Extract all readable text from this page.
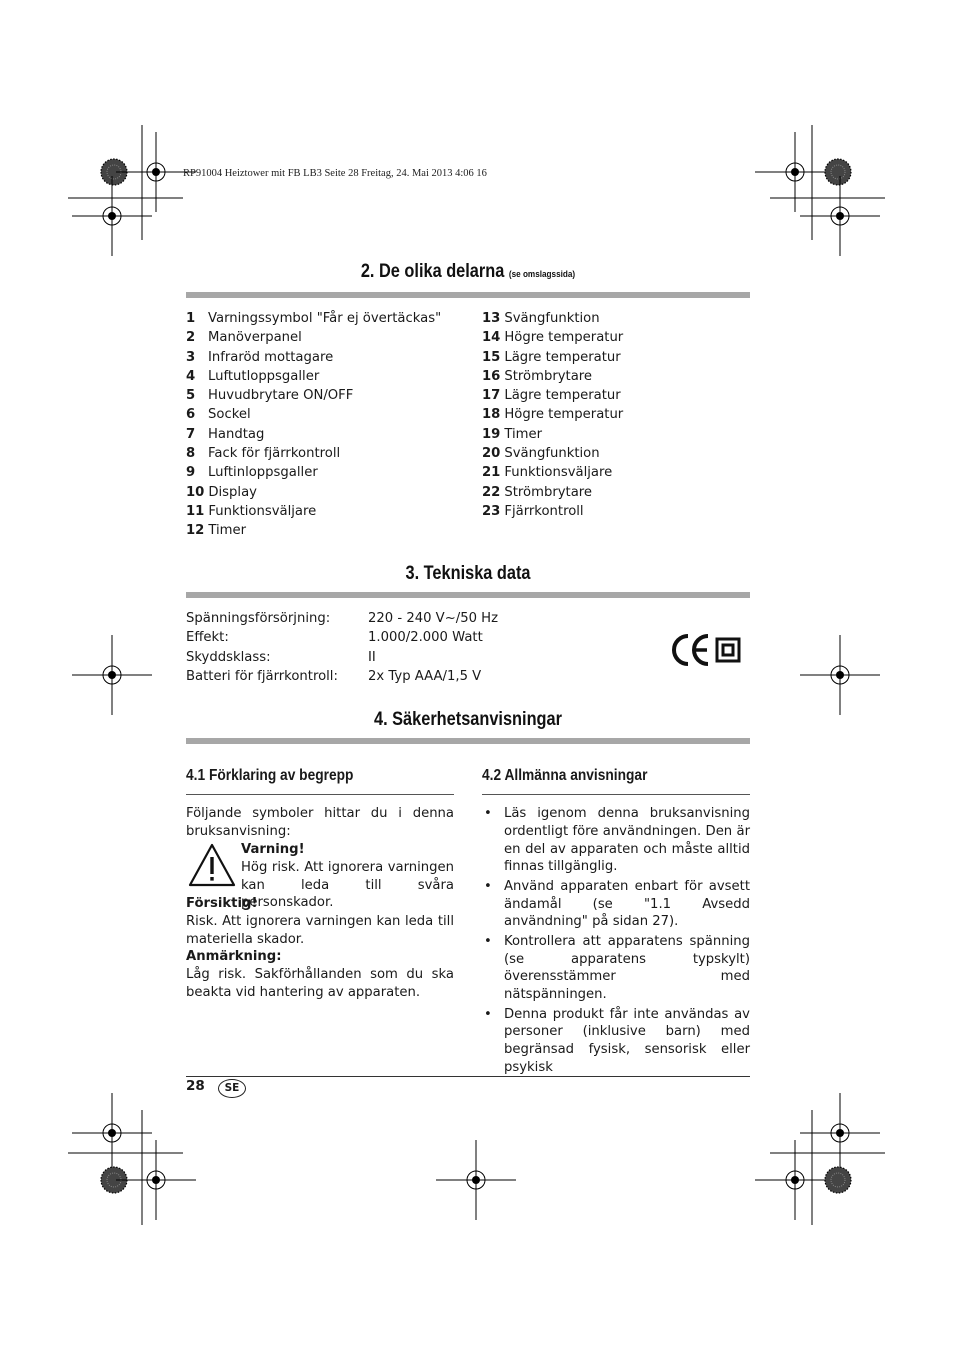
RP91004 Heiztower mit FB LB3 Seite 28 Freitag, 24. Mai 2013 4:06 16
2. De olika delarna (se omslagssida)
1 Varningssymbol "Får ej övertäckas"
2 Manöverpanel
3 Infraröd mottagare
4 Luftutloppsgaller
5 Huvudbrytare ON/OFF
6 Sockel
7 Handtag
8 Fack för fjärrkontroll
9 Luftinloppsgaller
10 Display
11 Funktionsväljare
12 Timer
13 Svängfunktion
14 Högre temperatur
15 Lägre temperatur
16 Strömbrytare
17 Lägre temperatur
18 Högre temperatur
19 Timer
20 Svängfunktion
21 Funktionsväljare
22 Strömbrytare
23 Fjärrkontroll
3. Tekniska data
Spänningsförsörjning:	220 - 240 V~/50 Hz
Effekt:	1.000/2.000 Watt
Skyddsklass:	II
Batteri för fjärrkontroll: 2x Typ AAA/1,5 V
4. Säkerhetsanvisningar
4.1 Förklaring av begrepp	4.2 Allmänna anvisningar
Följande symboler hittar du i denna bruksanvisning:
Varning!
Hög risk. Att ignorera varningen kan leda till svåra personskador.
Försiktig!
Risk. Att ignorera varningen kan leda till materiella skador.
Anmärkning:
Låg risk. Sakförhållanden som du ska beakta vid hantering av apparaten.
• Läs igenom denna bruksanvisning ordentligt före användningen. Den är en del av apparaten och måste alltid finnas tillgänglig.
• Använd apparaten enbart för avsett ändamål (se "1.1 Avsedd användning" på sidan 27).
• Kontrollera att apparatens spänning (se apparatens typskylt) överensstämmer med nätspänningen.
• Denna produkt får inte användas av personer (inklusive barn) med begränsad fysisk, sensorisk eller psykisk
28	SE
